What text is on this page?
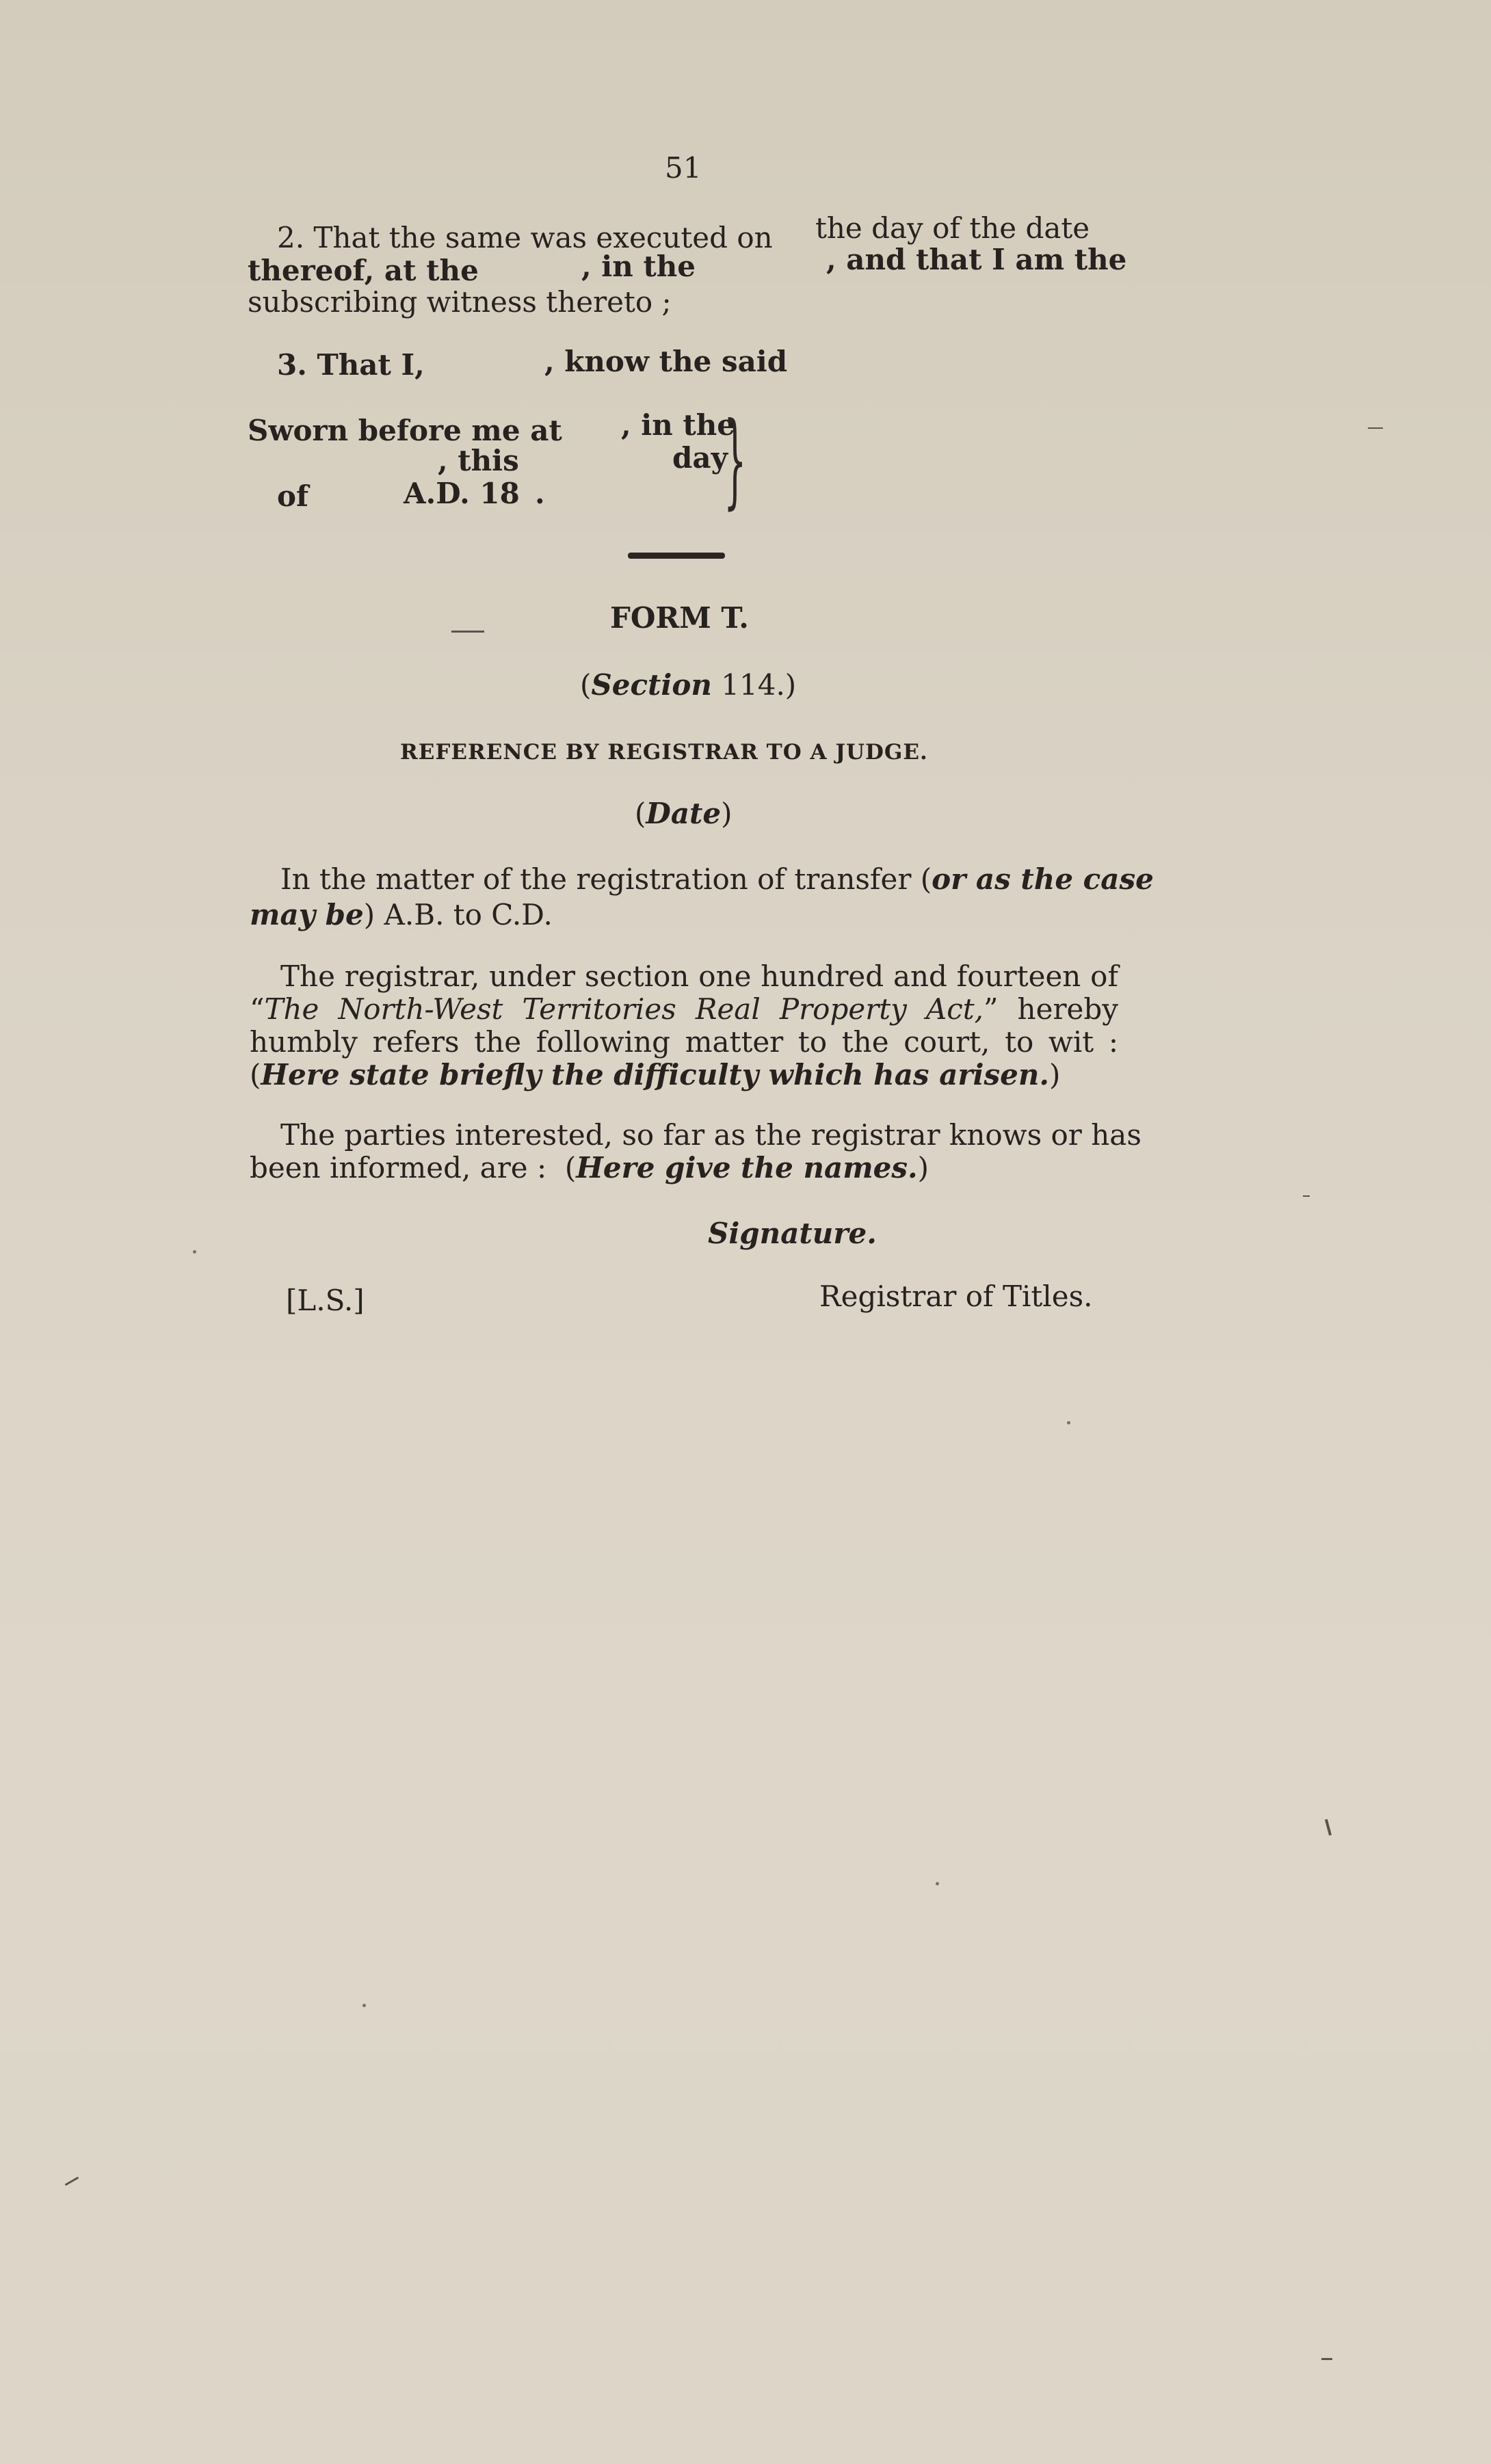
51
2. That the same was executed on the day of the date
thereof, at the	, in the	, and that I am the
subscribing witness thereto ;
3. That I,	, know the said
Sworn before me at , in the
, this	day
of	A.D. 18 . }
FORM T.
(Section 114.)
REFERENCE BY REGISTRAR TO A JUDGE.
(Date)
In the matter of the registration of transfer (or as the case
may be) A.B. to C.D.
The registrar, under section one hundred and fourteen of
“The North-West Territories Real Property Act,” hereby
humbly refers the following matter to the court, to wit :
(Here state briefly the difficulty which has arisen.)
The parties interested, so far as the registrar knows or has
been informed, are : (Here give the names.)
Signature.
[L.S.]	Registrar of Titles.
